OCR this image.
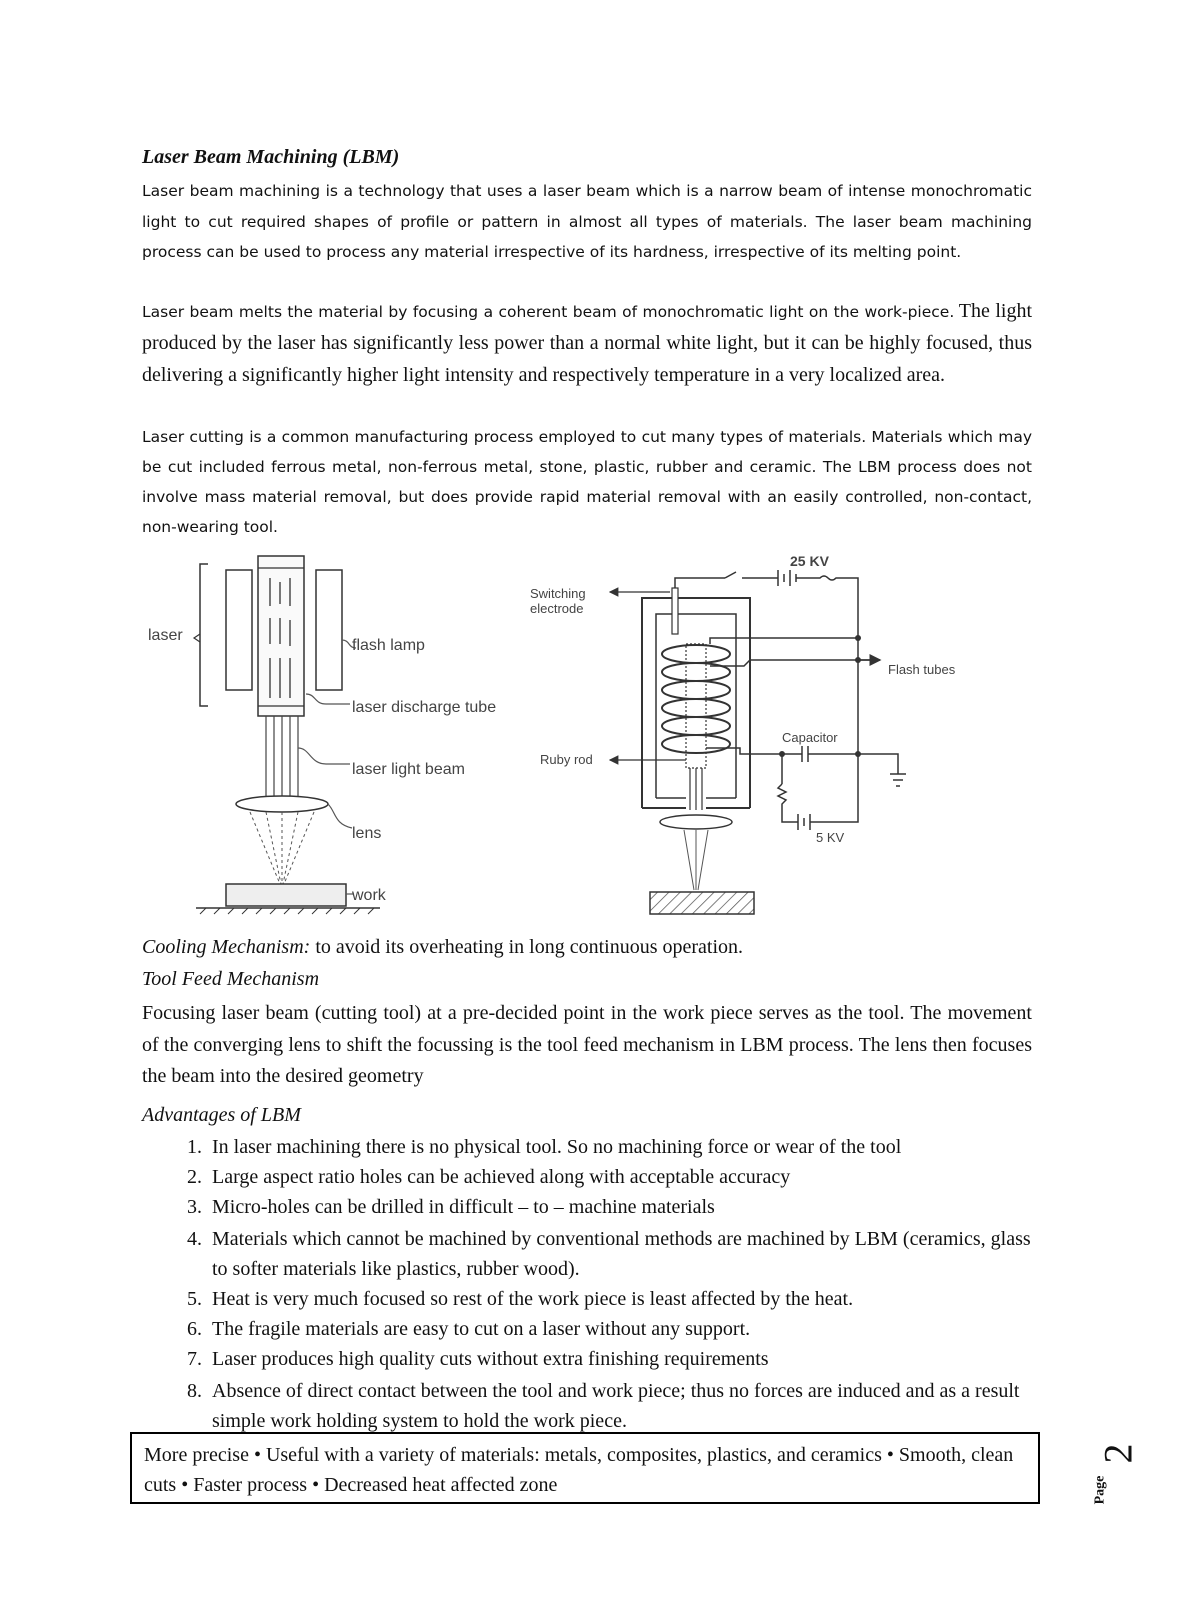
Laser Beam Machining (LBM)
Laser beam machining is a technology that uses a laser beam which is a narrow beam of intense monochromatic light to cut required shapes of profile or pattern in almost all types of materials. The laser beam machining process can be used to process any material irrespective of its hardness, irrespective of its melting point.
Laser beam melts the material by focusing a coherent beam of monochromatic light on the work-piece. The light produced by the laser has significantly less power than a normal white light, but it can be highly focused, thus delivering a significantly higher light intensity and respectively temperature in a very localized area.
Laser cutting is a common manufacturing process employed to cut many types of materials. Materials which may be cut included ferrous metal, non-ferrous metal, stone, plastic, rubber and ceramic. The LBM process does not involve mass material removal, but does provide rapid material removal with an easily controlled, non-contact, non-wearing tool.
laser
flash lamp
laser discharge tube
laser light beam
lens
work
Switching
electrode
25 KV
Flash tubes
Ruby rod
Capacitor
5 KV
Cooling Mechanism: to avoid its overheating in long continuous operation.
Tool Feed Mechanism
Focusing laser beam (cutting tool) at a pre-decided point in the work piece serves as the tool. The movement of the converging lens to shift the focussing is the tool feed mechanism in LBM process. The lens then focuses the beam into the desired geometry
Advantages of LBM
1. In laser machining there is no physical tool. So no machining force or wear of the tool
2. Large aspect ratio holes can be achieved along with acceptable accuracy
3. Micro-holes can be drilled in difficult – to – machine materials
4. Materials which cannot be machined by conventional methods are machined by LBM (ceramics, glass to softer materials like plastics, rubber wood).
5. Heat is very much focused so rest of the work piece is least affected by the heat.
6. The fragile materials are easy to cut on a laser without any support.
7. Laser produces high quality cuts without extra finishing requirements
8. Absence of direct contact between the tool and work piece; thus no forces are induced and as a result simple work holding system to hold the work piece.
More precise • Useful with a variety of materials: metals, composites, plastics, and ceramics • Smooth, clean cuts • Faster process • Decreased heat affected zone	Page
2
